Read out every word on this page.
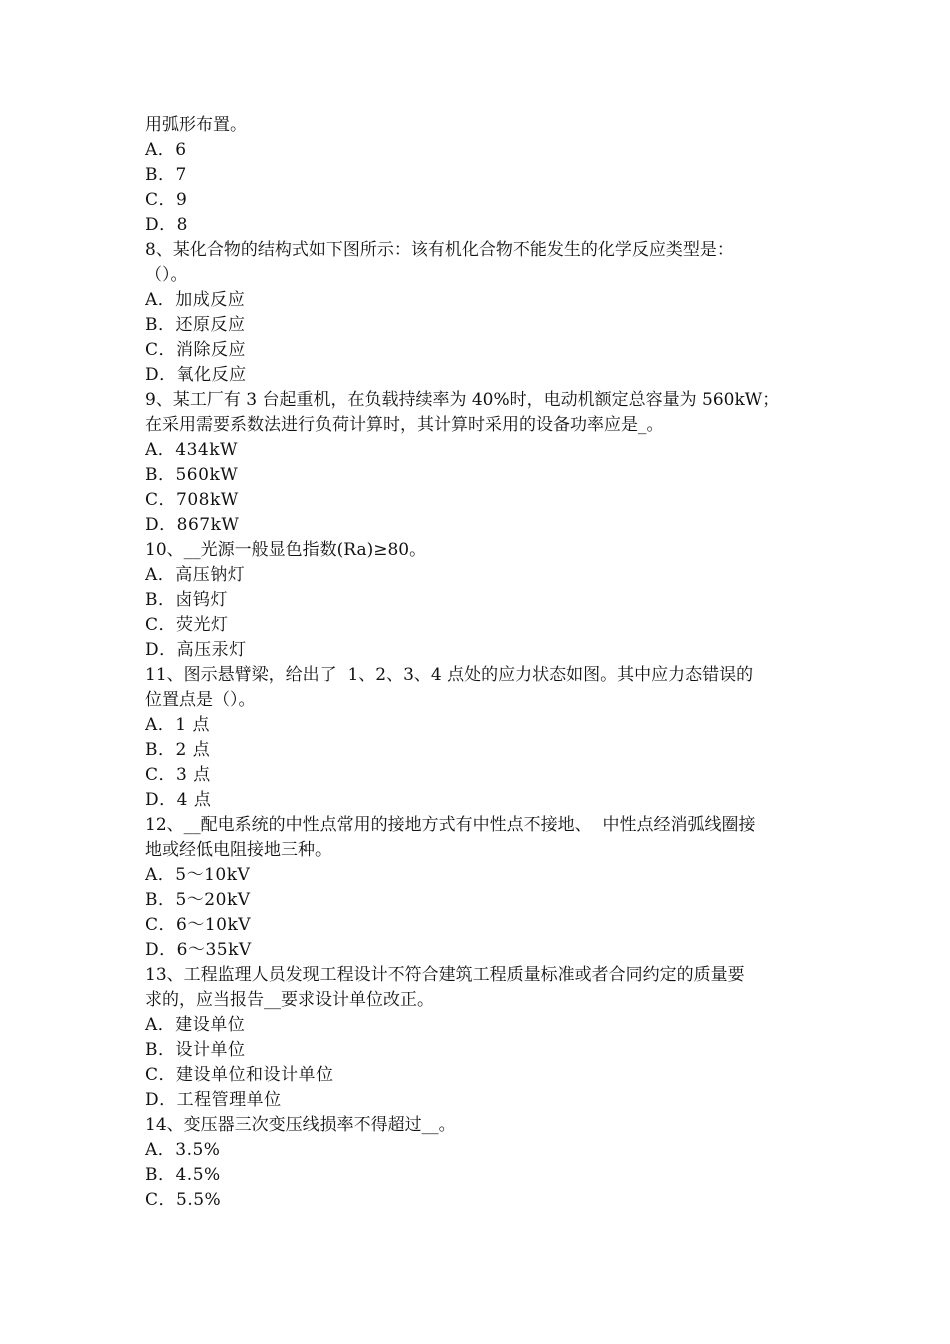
用弧形布置。
A．6
B．7
C．9
D．8
8、某化合物的结构式如下图所示：该有机化合物不能发生的化学反应类型是：
（）。
A．加成反应
B．还原反应
C．消除反应
D．氧化反应
9、某工厂有 3 台起重机，在负载持续率为 40%时，电动机额定总容量为 560kW；
在采用需要系数法进行负荷计算时，其计算时采用的设备功率应是_。
A．434kW
B．560kW
C．708kW
D．867kW
10、__光源一般显色指数(Ra)≥80。
A．高压钠灯
B．卤钨灯
C．荧光灯
D．高压汞灯
11、图示悬臂梁，给出了  1、2、3、4 点处的应力状态如图。其中应力态错误的
位置点是（）。
A．1 点
B．2 点
C．3 点
D．4 点
12、__配电系统的中性点常用的接地方式有中性点不接地、  中性点经消弧线圈接
地或经低电阻接地三种。
A．5～10kV
B．5～20kV
C．6～10kV
D．6～35kV
13、工程监理人员发现工程设计不符合建筑工程质量标准或者合同约定的质量要
求的，应当报告__要求设计单位改正。
A．建设单位
B．设计单位
C．建设单位和设计单位
D．工程管理单位
14、变压器三次变压线损率不得超过__。
A．3.5%
B．4.5%
C．5.5%
